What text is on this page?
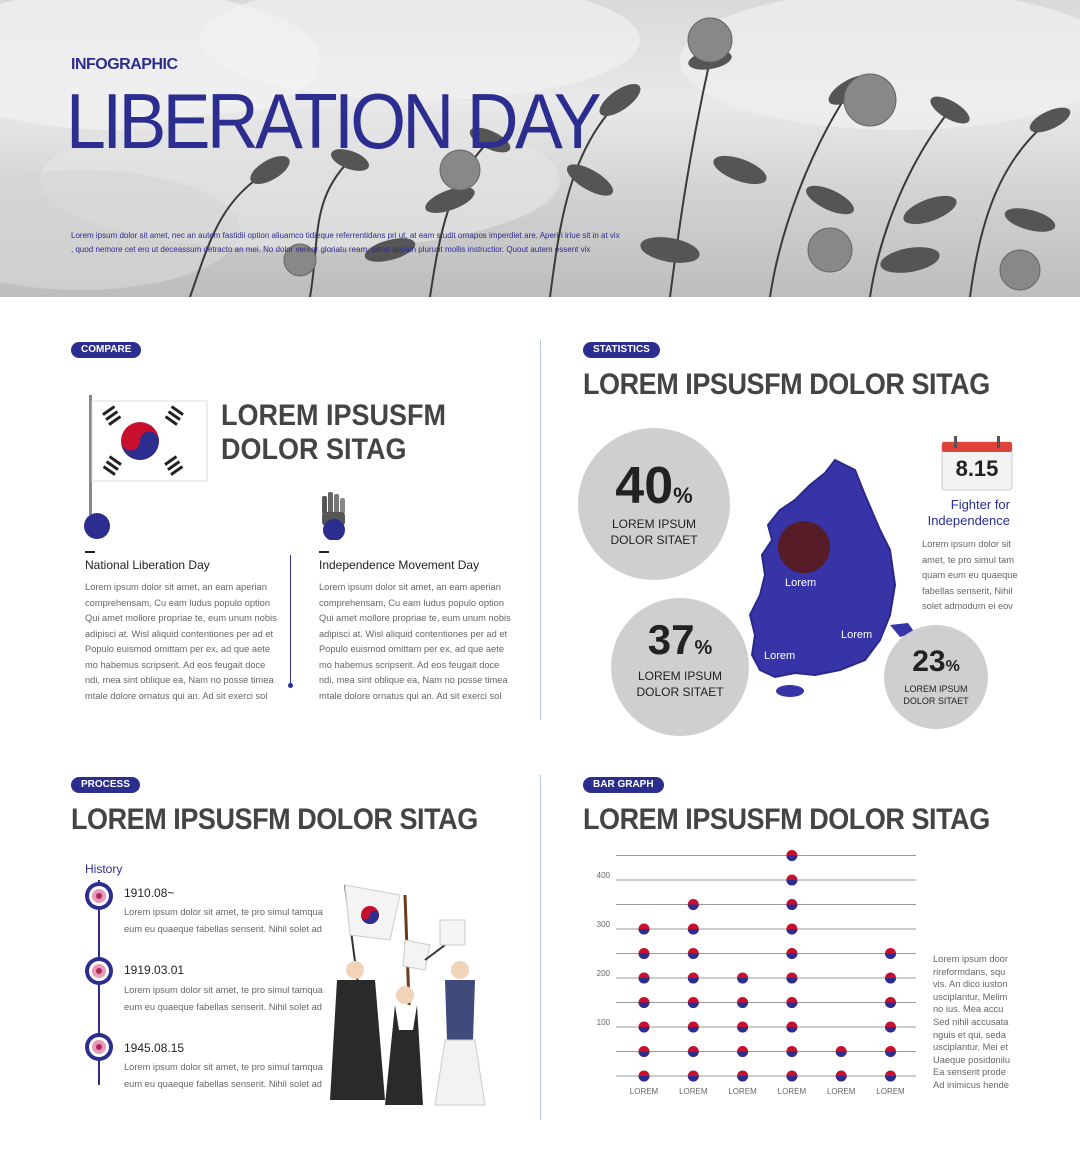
INFOGRAPHIC
LIBERATION DAY
Lorem ipsum dolor sit amet, nec an autem fastidii option aliuamco tidieque referrentidans pri ut, at eam studit ornapos imperdiet are. Aperiri iriue sit in at vix
, quod nemore cet ero ut deceassum detracto an mei. No dolor verear gloriatu ream, perat appain plurunt mollis instructior. Quout autem essent vix
COMPARE
LOREM IPSUSFM
DOLOR SITAG
National Liberation Day	Independence Movement Day
Lorem ipsum dolor sit amet, an eam aperian
comprehensam, Cu eam ludus populo option
Qui amet mollore propriae te, eum unum nobis
adipisci at. Wisl aliquid contentiones per ad et
Populo euismod omittam per ex, ad que aete
mo habemus scripserit. Ad eos feugait doce
ndi, mea sint oblique ea, Nam no posse timea
mtale dolore ornatus qui an. Ad sit exerci sol
Lorem ipsum dolor sit amet, an eam aperian
comprehensam, Cu eam ludus populo option
Qui amet mollore propriae te, eum unum nobis
adipisci at. Wisl aliquid contentiones per ad et
Populo euismod omittam per ex, ad que aete
mo habemus scripserit. Ad eos feugait doce
ndi, mea sint oblique ea, Nam no posse timea
mtale dolore ornatus qui an. Ad sit exerci sol
STATISTICS
LOREM IPSUSFM DOLOR SITAG
Lorem
Lorem
Lorem
40%
LOREM IPSUM
DOLOR SITAET
37%
LOREM IPSUM
DOLOR SITAET
23%
LOREM IPSUM
DOLOR SITAET
8.15
Fighter for
Independence
Lorem ipsum dolor sit
amet, te pro simul tam
quam eum eu quaeque
fabellas senserit, Nihil
solet admodum ei eov
PROCESS
LOREM IPSUSFM DOLOR SITAG
History
1910.08~
Lorem ipsum dolor sit amet, te pro simul tamqua
eum eu quaeque fabellas senserit. Nihil solet ad
1919.03.01
Lorem ipsum dolor sit amet, te pro simul tamqua
eum eu quaeque fabellas senserit. Nihil solet ad
1945.08.15
Lorem ipsum dolor sit amet, te pro simul tamqua
eum eu quaeque fabellas senserit. Nihil solet ad
BAR GRAPH
LOREM IPSUSFM DOLOR SITAG
100
200
300
400
LOREM	LOREM	LOREM	LOREM	LOREM	LOREM
Lorem ipsum door
rireformdans, squ
vis. An dico iuston
usciplantur, Melim
no ius. Mea accu
Sed nihil accusata
nguis et qui, seda
usciplantur, Mei et
Uaeque posidonilu
Ea senserit prode
Ad inimicus hende
